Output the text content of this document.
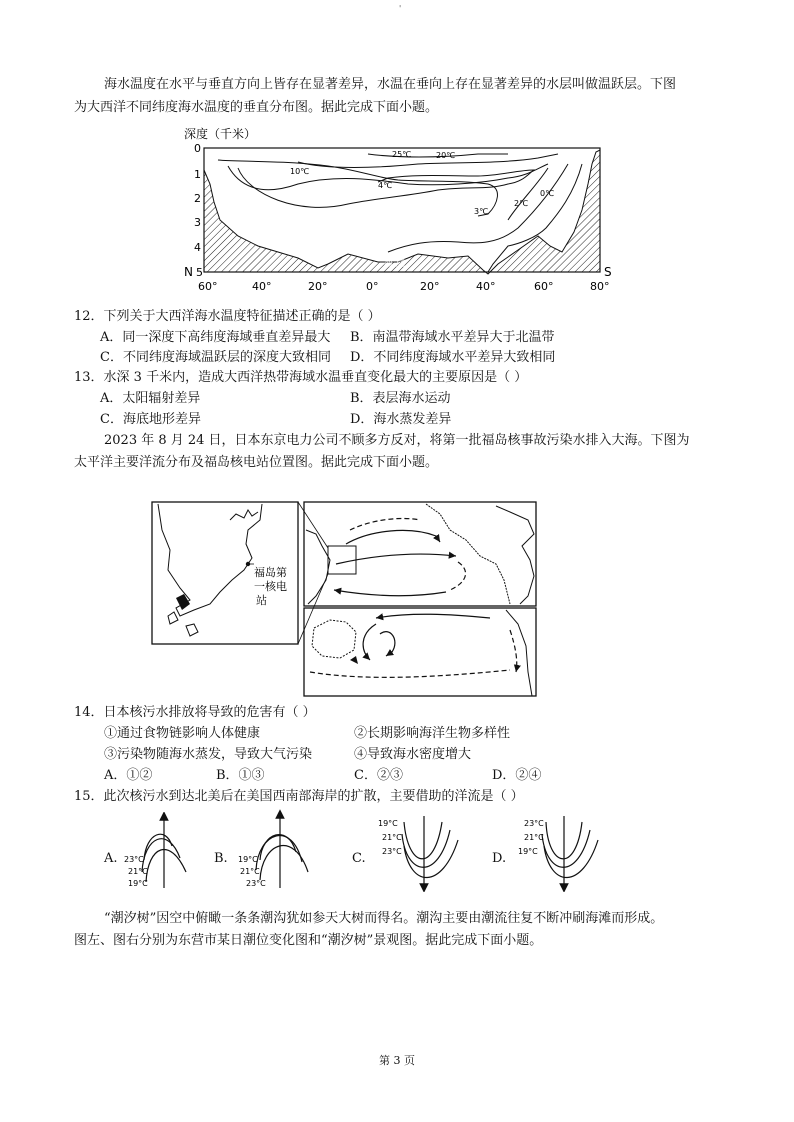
'
海水温度在水平与垂直方向上皆存在显著差异，水温在垂向上存在显著差异的水层叫做温跃层。下图
为大西洋不同纬度海水温度的垂直分布图。据此完成下面小题。
深度（千米）
25℃	20℃
10℃
4℃
3℃
2℃
0℃
海 底
0
1
2
3
4
5
N	S
60°	40°	20°	0°	20°	40°	60°	80°
12．下列关于大西洋海水温度特征描述正确的是（ ）
A．同一深度下高纬度海域垂直差异最大 B．南温带海域水平差异大于北温带
C．不同纬度海域温跃层的深度大致相同 D．不同纬度海域水平差异大致相同
13．水深 3 千米内，造成大西洋热带海域水温垂直变化最大的主要原因是（ ）
A．太阳辐射差异	B．表层海水运动
C．海底地形差异	D．海水蒸发差异
2023 年 8 月 24 日，日本东京电力公司不顾多方反对，将第一批福岛核事故污染水排入大海。下图为
太平洋主要洋流分布及福岛核电站位置图。据此完成下面小题。
福岛第
一核电
站
14．日本核污水排放将导致的危害有（ ）
①通过食物链影响人体健康	②长期影响海洋生物多样性
③污染物随海水蒸发，导致大气污染	④导致海水密度增大
A．①②	B．①③	C．②③	D．②④
15．此次核污水到达北美后在美国西南部海岸的扩散，主要借助的洋流是（ ）
A. 23°C
21°C
19°C
B. 19°C
21°C
23°C
C.
19°C
21°C
23°C	D.
23°C
21°C
19°C
“潮汐树”因空中俯瞰一条条潮沟犹如参天大树而得名。潮沟主要由潮流往复不断冲刷海滩而形成。
图左、图右分别为东营市某日潮位变化图和“潮汐树”景观图。据此完成下面小题。
第 3 页
